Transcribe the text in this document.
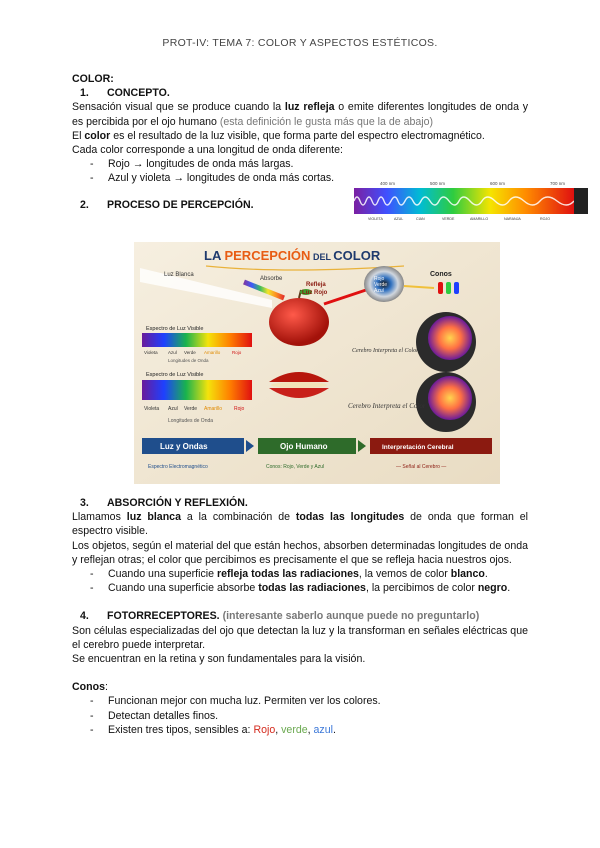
PROT-IV: TEMA 7: COLOR Y ASPECTOS ESTÉTICOS.

COLOR:

1.	CONCEPTO.

Sensación visual que se produce cuando la luz refleja o emite diferentes longitudes de onda y es percibida por el ojo humano (esta definición le gusta más que la de abajo)

El color es el resultado de la luz visible, que forma parte del espectro electromagnético.

Cada color corresponde a una longitud de onda diferente:

-	Rojo → longitudes de onda más largas.
-	Azul y violeta → longitudes de onda más cortas.
2.	PROCESO DE PERCEPCIÓN.
400 nm	500 nm	600 nm	700 nm
VIOLETA	AZUL	CIAN	VERDE	AMARILLO	NARANJA	ROJO
LA PERCEPCIÓN DEL COLOR
Luz Blanca
Absorbe
Refleja
Luz Rojo
Rojo
Verde
Azul
Conos
Espectro de Luz Visible
Violeta Azul Verde Amarillo	Rojo
Longitudes de Onda
Espectro de Luz Visible
Violeta Azul Verde Amarillo Rojo
Longitudes de Onda
Cerebro Interpreta el Color
Cerebro Interpreta el Color
Luz y Ondas
Espectro Electromagnético
Ojo Humano
Conos: Rojo, Verde y Azul
Interpretación Cerebral
— Señal al Cerebro —
3.	ABSORCIÓN Y REFLEXIÓN.

Llamamos luz blanca a la combinación de todas las longitudes de onda que forman el espectro visible.

Los objetos, según el material del que están hechos, absorben determinadas longitudes de onda y reflejan otras; el color que percibimos es precisamente el que se refleja hacia nuestros ojos.

-	Cuando una superficie refleja todas las radiaciones, la vemos de color blanco.
-	Cuando una superficie absorbe todas las radiaciones, la percibimos de color negro.
4.	FOTORRECEPTORES. (interesante saberlo aunque puede no preguntarlo)

Son células especializadas del ojo que detectan la luz y la transforman en señales eléctricas que el cerebro puede interpretar.

Se encuentran en la retina y son fundamentales para la visión.

Conos:

-	Funcionan mejor con mucha luz. Permiten ver los colores.
-	Detectan detalles finos.
-	Existen tres tipos, sensibles a: Rojo, verde, azul.
